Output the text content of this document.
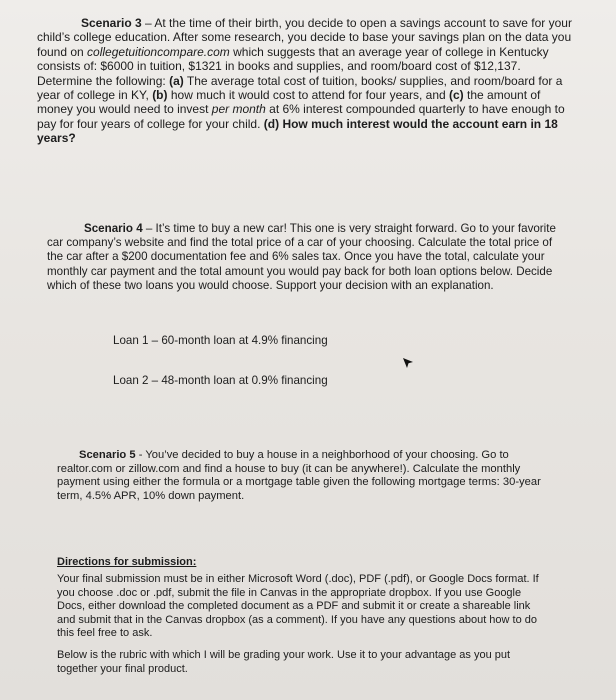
Scenario 3 – At the time of their birth, you decide to open a savings account to save for your child’s college education. After some research, you decide to base your savings plan on the data you found on collegetuitioncompare.com which suggests that an average year of college in Kentucky consists of: $6000 in tuition, $1321 in books and supplies, and room/board cost of $12,137. Determine the following: (a) The average total cost of tuition, books/ supplies, and room/board for a year of college in KY, (b) how much it would cost to attend for four years, and (c) the amount of money you would need to invest per month at 6% interest compounded quarterly to have enough to pay for four years of college for your child. (d) How much interest would the account earn in 18 years?

Scenario 4 – It’s time to buy a new car! This one is very straight forward. Go to your favorite car company’s website and find the total price of a car of your choosing. Calculate the total price of the car after a $200 documentation fee and 6% sales tax. Once you have the total, calculate your monthly car payment and the total amount you would pay back for both loan options below. Decide which of these two loans you would choose. Support your decision with an explanation.

Loan 1 – 60-month loan at 4.9% financing
Loan 2 – 48-month loan at 0.9% financing

Scenario 5 - You’ve decided to buy a house in a neighborhood of your choosing. Go to realtor.com or zillow.com and find a house to buy (it can be anywhere!). Calculate the monthly payment using either the formula or a mortgage table given the following mortgage terms: 30-year term, 4.5% APR, 10% down payment.

Directions for submission:

Your final submission must be in either Microsoft Word (.doc), PDF (.pdf), or Google Docs format. If you choose .doc or .pdf, submit the file in Canvas in the appropriate dropbox. If you use Google Docs, either download the completed document as a PDF and submit it or create a shareable link and submit that in the Canvas dropbox (as a comment). If you have any questions about how to do this feel free to ask.

Below is the rubric with which I will be grading your work. Use it to your advantage as you put together your final product.
